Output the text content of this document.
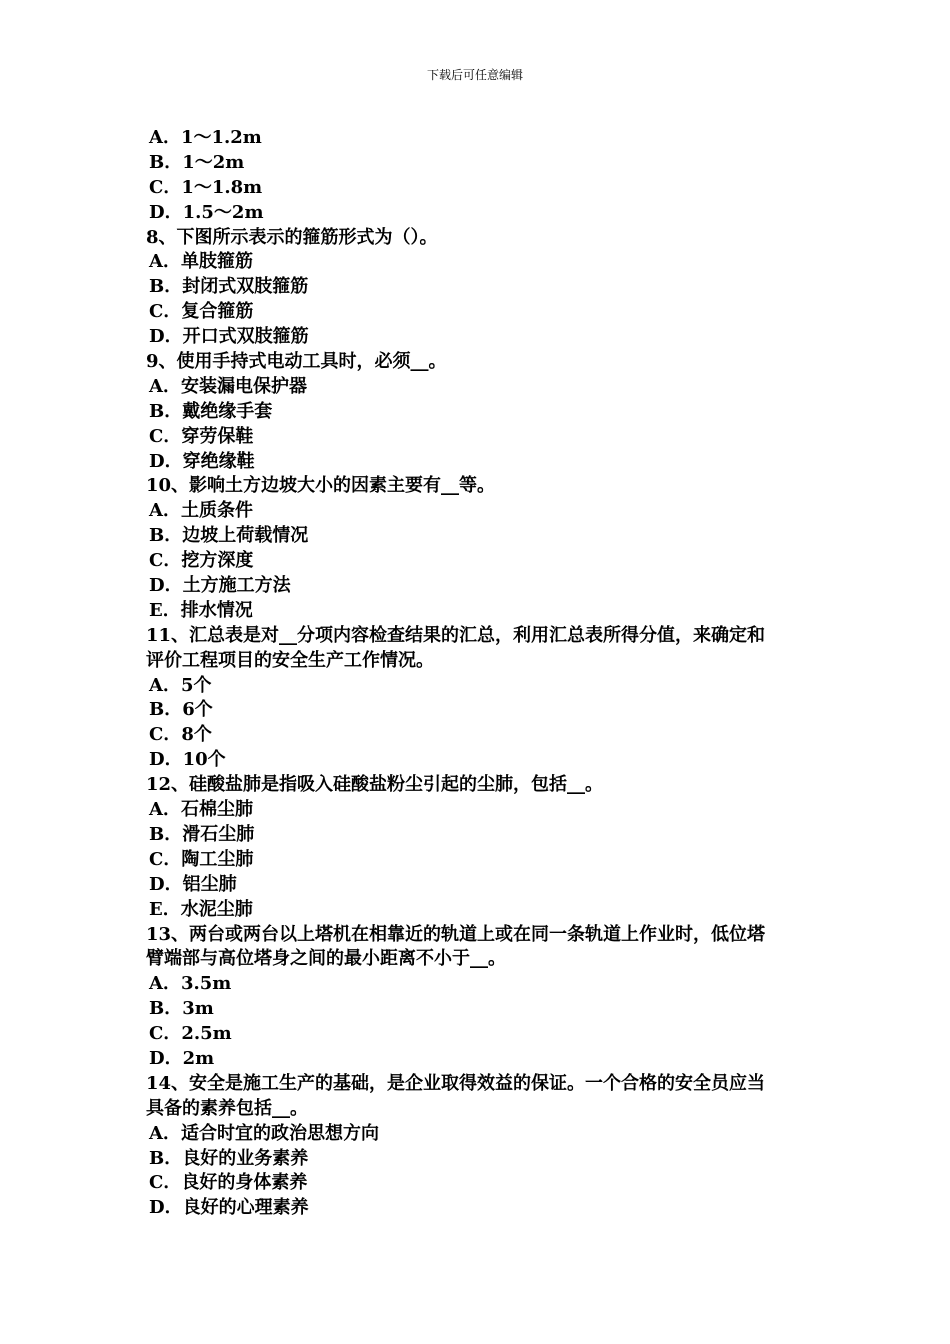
下载后可任意编辑
A．1～1.2m
B．1～2m
C．1～1.8m
D．1.5～2m
8、下图所示表示的箍筋形式为（）。
A．单肢箍筋
B．封闭式双肢箍筋
C．复合箍筋
D．开口式双肢箍筋
9、使用手持式电动工具时，必须__。
A．安装漏电保护器
B．戴绝缘手套
C．穿劳保鞋
D．穿绝缘鞋
10、影响土方边坡大小的因素主要有__等。
A．土质条件
B．边坡上荷载情况
C．挖方深度
D．土方施工方法
E．排水情况
11、汇总表是对__分项内容检查结果的汇总，利用汇总表所得分值，来确定和
评价工程项目的安全生产工作情况。
A．5个
B．6个
C．8个
D．10个
12、硅酸盐肺是指吸入硅酸盐粉尘引起的尘肺，包括__。
A．石棉尘肺
B．滑石尘肺
C．陶工尘肺
D．铝尘肺
E．水泥尘肺
13、两台或两台以上塔机在相靠近的轨道上或在同一条轨道上作业时，低位塔
臂端部与高位塔身之间的最小距离不小于__。
A．3.5m
B．3m
C．2.5m
D．2m
14、安全是施工生产的基础，是企业取得效益的保证。一个合格的安全员应当
具备的素养包括__。
A．适合时宜的政治思想方向
B．良好的业务素养
C．良好的身体素养
D．良好的心理素养
